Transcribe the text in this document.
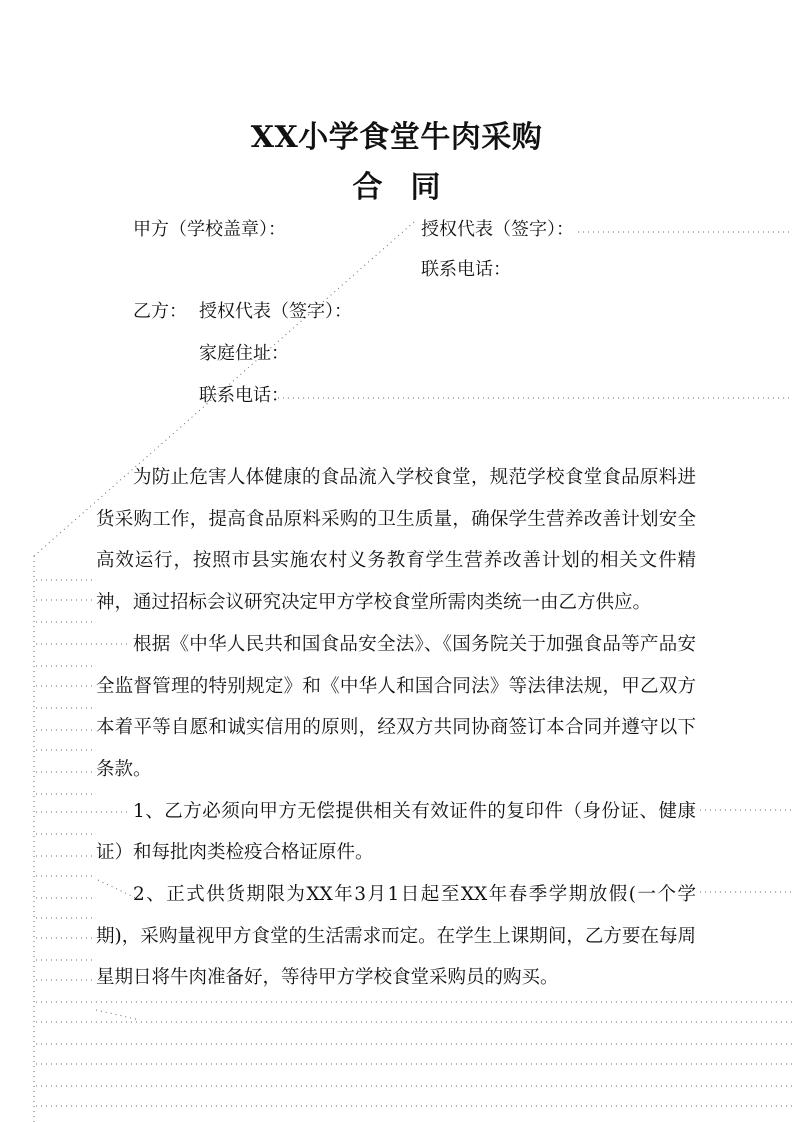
XX小学食堂牛肉采购
合同
甲方（学校盖章）：	授权代表（签字）：
联系电话：
乙方： 授权代表（签字）：
家庭住址：
联系电话：

为防止危害人体健康的食品流入学校食堂，规范学校食堂食品原料进货采购工作，提高食品原料采购的卫生质量，确保学生营养改善计划安全高效运行，按照市县实施农村义务教育学生营养改善计划的相关文件精神，通过招标会议研究决定甲方学校食堂所需肉类统一由乙方供应。

根据《中华人民共和国食品安全法》、《国务院关于加强食品等产品安全监督管理的特别规定》和《中华人和国合同法》等法律法规，甲乙双方本着平等自愿和诚实信用的原则，经双方共同协商签订本合同并遵守以下条款。

1、乙方必须向甲方无偿提供相关有效证件的复印件（身份证、健康证）和每批肉类检疫合格证原件。

2、正式供货期限为XX年3月1日起至XX年春季学期放假(一个学期)，采购量视甲方食堂的生活需求而定。在学生上课期间，乙方要在每周星期日将牛肉准备好，等待甲方学校食堂采购员的购买。
